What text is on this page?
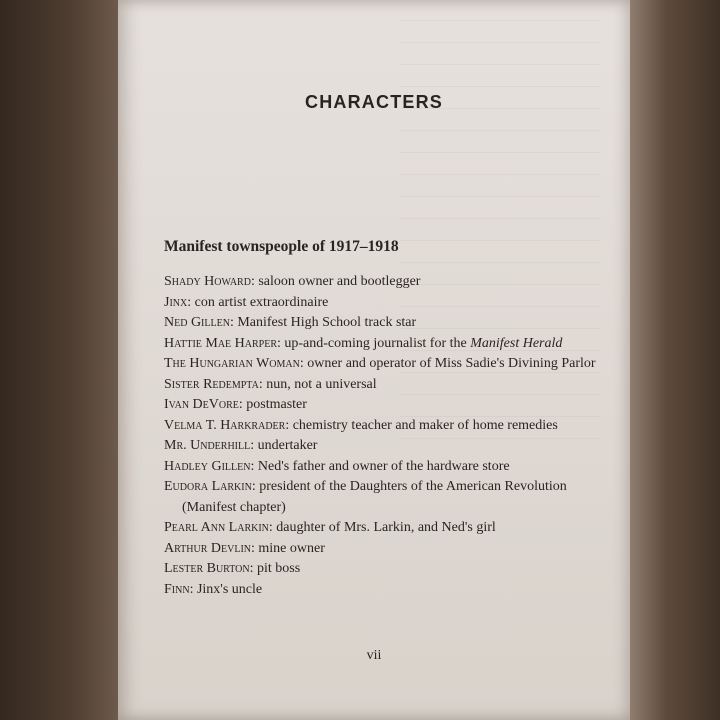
CHARACTERS
Manifest townspeople of 1917–1918

Shady Howard: saloon owner and bootlegger

Jinx: con artist extraordinaire

Ned Gillen: Manifest High School track star

Hattie Mae Harper: up-and-coming journalist for the Manifest Herald

The Hungarian Woman: owner and operator of Miss Sadie's Divining Parlor

Sister Redempta: nun, not a universal

Ivan DeVore: postmaster

Velma T. Harkrader: chemistry teacher and maker of home remedies

Mr. Underhill: undertaker

Hadley Gillen: Ned's father and owner of the hardware store

Eudora Larkin: president of the Daughters of the American Revolution (Manifest chapter)

Pearl Ann Larkin: daughter of Mrs. Larkin, and Ned's girl

Arthur Devlin: mine owner

Lester Burton: pit boss

Finn: Jinx's uncle

vii
